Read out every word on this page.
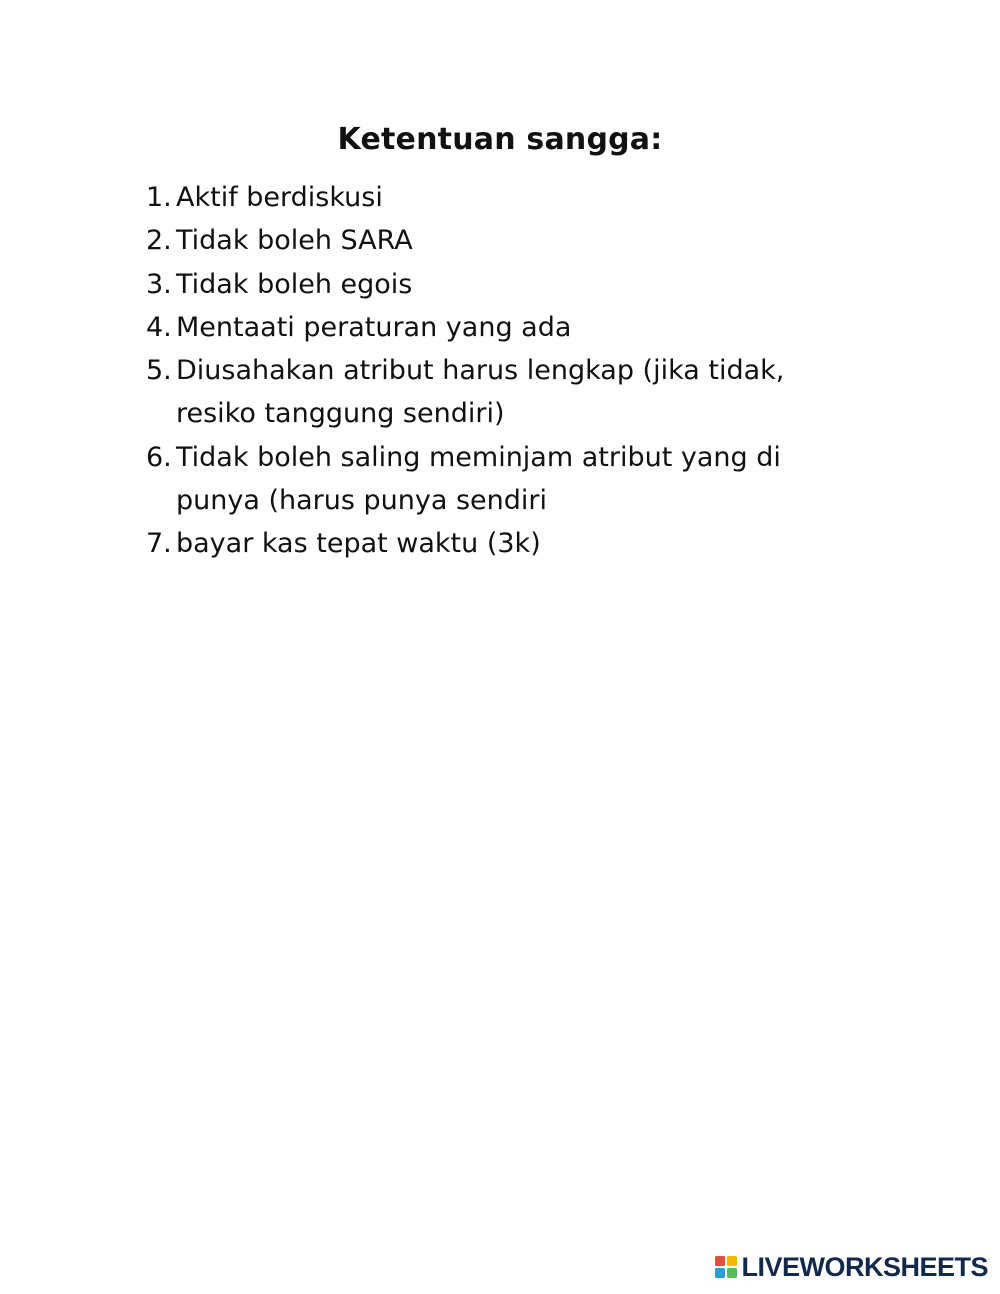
Ketentuan sangga:
1. Aktif berdiskusi
2. Tidak boleh SARA
3. Tidak boleh egois
4. Mentaati peraturan yang ada
5. Diusahakan atribut harus lengkap (jika tidak, resiko tanggung sendiri)
6. Tidak boleh saling meminjam atribut yang di punya (harus punya sendiri
7. bayar kas tepat waktu (3k)
LIVEWORKSHEETS
